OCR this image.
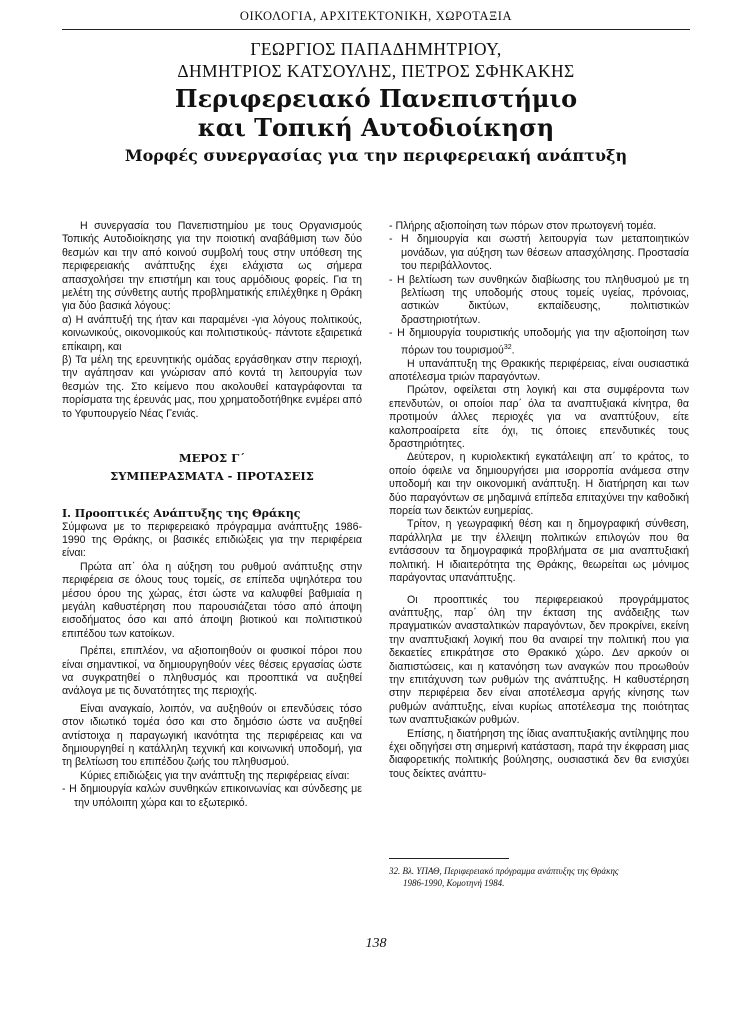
ΟΙΚΟΛΟΓΙΑ, ΑΡΧΙΤΕΚΤΟΝΙΚΗ, ΧΩΡΟΤΑΞΙΑ
ΓΕΩΡΓΙΟΣ ΠΑΠΑΔΗΜΗΤΡΙΟΥ,
ΔΗΜΗΤΡΙΟΣ ΚΑΤΣΟΥΛΗΣ, ΠΕΤΡΟΣ ΣΦΗΚΑΚΗΣ
Περιφερειακό Πανεπιστήμιο
και Τοπική Αυτοδιοίκηση
Μορφές συνεργασίας για την περιφερειακή ανάπτυξη

Η συνεργασία του Πανεπιστημίου με τους Οργανισμούς Τοπικής Αυτοδιοίκησης για την ποιοτική αναβάθμιση των δύο θεσμών και την από κοινού συμβολή τους στην υπόθεση της περιφερειακής ανάπτυξης έχει ελάχιστα ως σήμερα απασχολήσει την επιστήμη και τους αρμόδιους φορείς. Για τη μελέτη της σύνθετης αυτής προβληματικής επιλέχθηκε η Θράκη για δύο βασικά λόγους:

α) Η ανάπτυξή της ήταν και παραμένει -για λόγους πολιτικούς, κοινωνικούς, οικονομικούς και πολιτιστικούς- πάντοτε εξαιρετικά επίκαιρη, και

β) Τα μέλη της ερευνητικής ομάδας εργάσθηκαν στην περιοχή, την αγάπησαν και γνώρισαν από κοντά τη λειτουργία των θεσμών της. Στο κείμενο που ακολουθεί καταγράφονται τα πορίσματα της έρευνάς μας, που χρηματοδοτήθηκε ενμέρει από το Υφυπουργείο Νέας Γενιάς.

ΜΕΡΟΣ Γ΄
ΣΥΜΠΕΡΑΣΜΑΤΑ - ΠΡΟΤΑΣΕΙΣ
Ι. Προοπτικές Ανάπτυξης της Θράκης

Σύμφωνα με το περιφερειακό πρόγραμμα ανάπτυξης 1986-1990 της Θράκης, οι βασικές επιδιώξεις για την περιφέρεια είναι:

Πρώτα απ΄ όλα η αύξηση του ρυθμού ανάπτυξης στην περιφέρεια σε όλους τους τομείς, σε επίπεδα υψηλότερα του μέσου όρου της χώρας, έτσι ώστε να καλυφθεί βαθμιαία η μεγάλη καθυστέρηση που παρουσιάζεται τόσο από άποψη εισοδήματος όσο και από άποψη βιοτικού και πολιτιστικού επιπέδου των κατοίκων.

Πρέπει, επιπλέον, να αξιοποιηθούν οι φυσικοί πόροι που είναι σημαντικοί, να δημιουργηθούν νέες θέσεις εργασίας ώστε να συγκρατηθεί ο πληθυσμός και προοπτικά να αυξηθεί ανάλογα με τις δυνατότητες της περιοχής.

Είναι αναγκαίο, λοιπόν, να αυξηθούν οι επενδύσεις τόσο στον ιδιωτικό τομέα όσο και στο δημόσιο ώστε να αυξηθεί αντίστοιχα η παραγωγική ικανότητα της περιφέρειας και να δημιουργηθεί η κατάλληλη τεχνική και κοινωνική υποδομή, για τη βελτίωση του επιπέδου ζωής του πληθυσμού.

Κύριες επιδιώξεις για την ανάπτυξη της περιφέρειας είναι:

- Η δημιουργία καλών συνθηκών επικοινωνίας και σύνδεσης με την υπόλοιπη χώρα και το εξωτερικό.

- Πλήρης αξιοποίηση των πόρων στον πρωτογενή τομέα.

- Η δημιουργία και σωστή λειτουργία των μεταποιητικών μονάδων, για αύξηση των θέσεων απασχόλησης. Προστασία του περιβάλλοντος.

- Η βελτίωση των συνθηκών διαβίωσης του πληθυσμού με τη βελτίωση της υποδομής στους τομείς υγείας, πρόνοιας, αστικών δικτύων, εκπαίδευσης, πολιτιστικών δραστηριοτήτων.

- Η δημιουργία τουριστικής υποδομής για την αξιοποίηση των πόρων του τουρισμού$^{32}$.

Η υπανάπτυξη της Θρακικής περιφέρειας, είναι ουσιαστικά αποτέλεσμα τριών παραγόντων.

Πρώτον, οφείλεται στη λογική και στα συμφέροντα των επενδυτών, οι οποίοι παρ΄ όλα τα αναπτυξιακά κίνητρα, θα προτιμούν άλλες περιοχές για να αναπτύξουν, είτε καλοπροαίρετα είτε όχι, τις όποιες επενδυτικές τους δραστηριότητες.

Δεύτερον, η κυριολεκτική εγκατάλειψη απ΄ το κράτος, το οποίο όφειλε να δημιουργήσει μια ισορροπία ανάμεσα στην υποδομή και την οικονομική ανάπτυξη. Η διατήρηση και των δύο παραγόντων σε μηδαμινά επίπεδα επιταχύνει την καθοδική πορεία των δεικτών ευημερίας.

Τρίτον, η γεωγραφική θέση και η δημογραφική σύνθεση, παράλληλα με την έλλειψη πολιτικών επιλογών που θα εντάσσουν τα δημογραφικά προβλήματα σε μια αναπτυξιακή πολιτική. Η ιδιαιτερότητα της Θράκης, θεωρείται ως μόνιμος παράγοντας υπανάπτυξης.

Οι προοπτικές του περιφερειακού προγράμματος ανάπτυξης, παρ΄ όλη την έκταση της ανάδειξης των πραγματικών ανασταλτικών παραγόντων, δεν προκρίνει, εκείνη την αναπτυξιακή λογική που θα αναιρεί την πολιτική που για δεκαετίες επικράτησε στο Θρακικό χώρο. Δεν αρκούν οι διαπιστώσεις, και η κατανόηση των αναγκών που προωθούν την επιτάχυνση των ρυθμών της ανάπτυξης. Η καθυστέρηση στην περιφέρεια δεν είναι αποτέλεσμα αργής κίνησης των ρυθμών ανάπτυξης, είναι κυρίως αποτέλεσμα της ποιότητας των αναπτυξιακών ρυθμών.

Επίσης, η διατήρηση της ίδιας αναπτυξιακής αντίληψης που έχει οδηγήσει στη σημερινή κατάσταση, παρά την έκφραση μιας διαφορετικής πολιτικής βούλησης, ουσιαστικά δεν θα ενισχύει τους δείκτες ανάπτυ-

32. Βλ. ΥΠΑΘ, Περιφερειακό πρόγραμμα ανάπτυξης της Θράκης
1986-1990, Κομοτηνή 1984.
138
